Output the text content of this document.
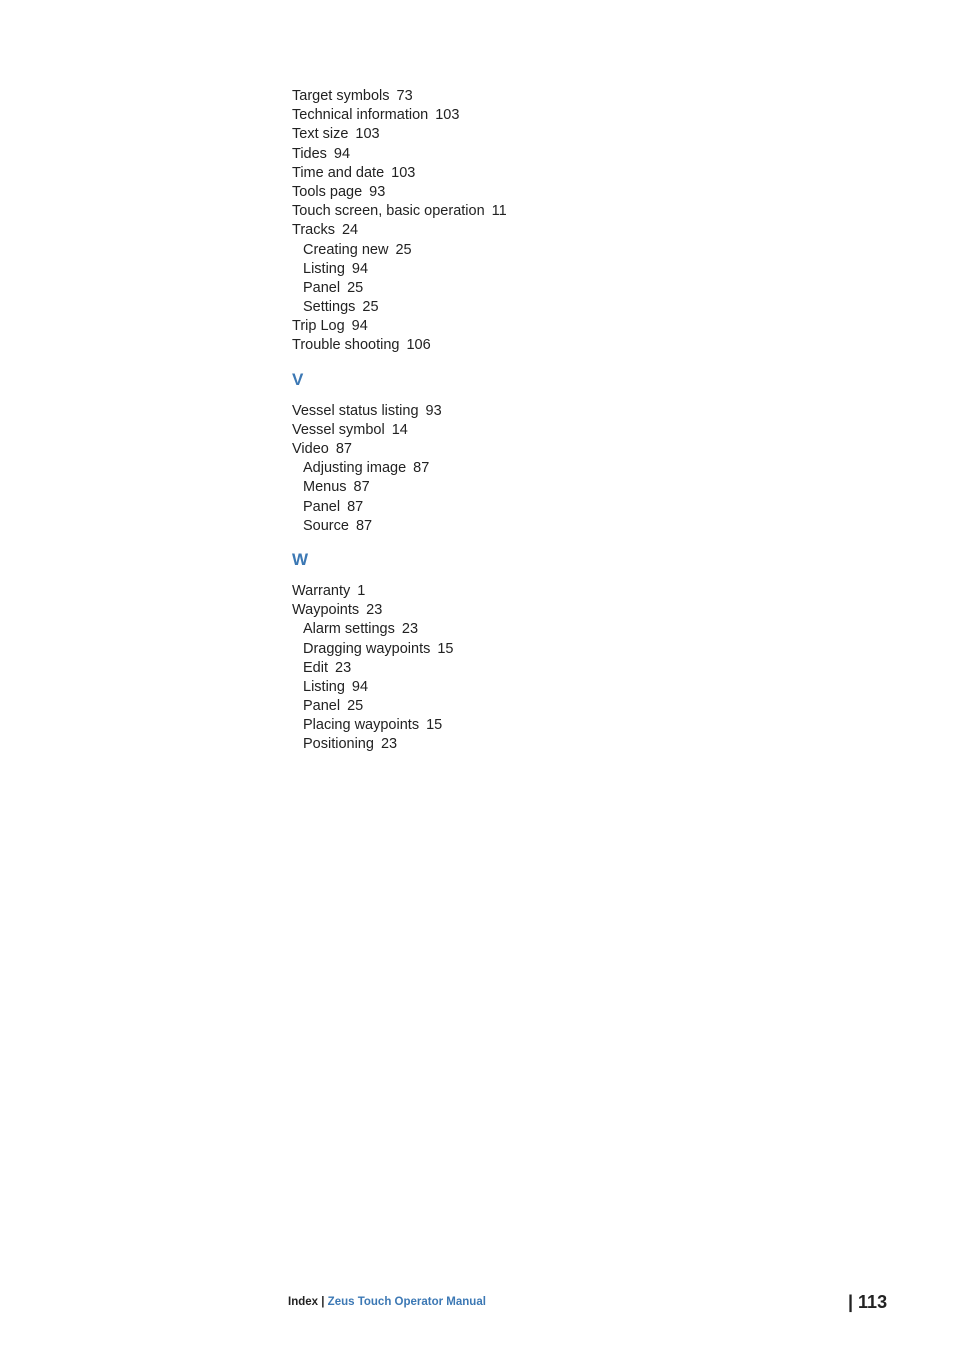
Target symbols 73
Technical information 103
Text size 103
Tides 94
Time and date 103
Tools page 93
Touch screen, basic operation 11
Tracks 24
Creating new 25
Listing 94
Panel 25
Settings 25
Trip Log 94
Trouble shooting 106
V
Vessel status listing 93
Vessel symbol 14
Video 87
Adjusting image 87
Menus 87
Panel 87
Source 87
W
Warranty 1
Waypoints 23
Alarm settings 23
Dragging waypoints 15
Edit 23
Listing 94
Panel 25
Placing waypoints 15
Positioning 23
Index | Zeus Touch Operator Manual	| 113
